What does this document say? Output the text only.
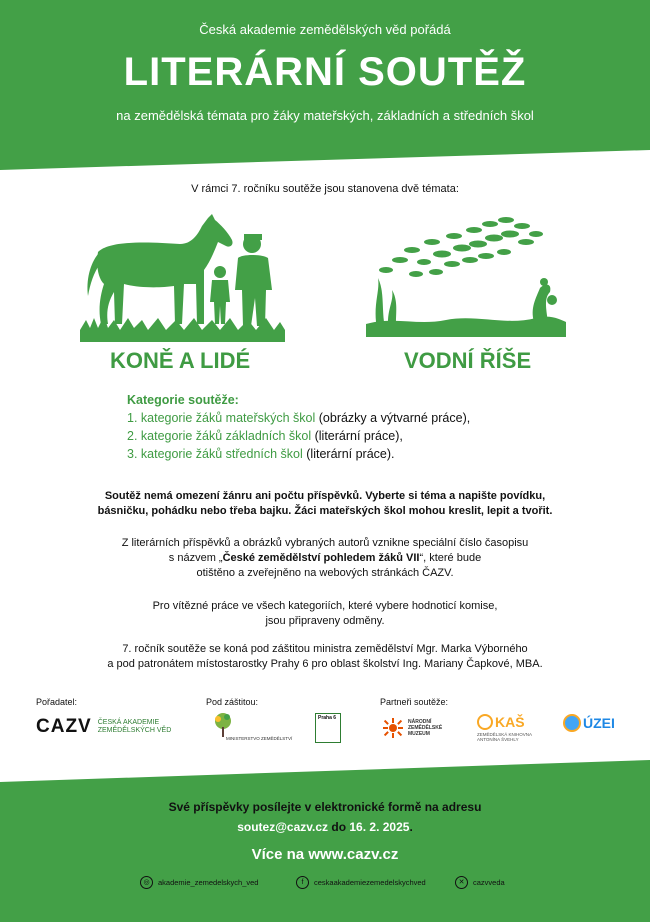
Česká akademie zemědělských věd pořádá
LITERÁRNÍ SOUTĚŽ
na zemědělská témata pro žáky mateřských, základních a středních škol
V rámci 7. ročníku soutěže jsou stanovena dvě témata:
KONĚ A LIDÉ	VODNÍ ŘÍŠE
Kategorie soutěže:
1. kategorie žáků mateřských škol (obrázky a výtvarné práce),
2. kategorie žáků základních škol (literární práce),
3. kategorie žáků středních škol (literární práce).
Soutěž nemá omezení žánru ani počtu příspěvků. Vyberte si téma a napište povídku,
básničku, pohádku nebo třeba bajku. Žáci mateřských škol mohou kreslit, lepit a tvořit.
Z literárních příspěvků a obrázků vybraných autorů vznikne speciální číslo časopisu
s názvem „České zemědělství pohledem žáků VII“, které bude
otištěno a zveřejněno na webových stránkách ČAZV.
Pro vítězné práce ve všech kategoriích, které vybere hodnoticí komise,
jsou připraveny odměny.
7. ročník soutěže se koná pod záštitou ministra zemědělství Mgr. Marka Výborného
a pod patronátem místostarostky Prahy 6 pro oblast školství Ing. Mariany Čapkové, MBA.
Pořadatel:
CAZV ČESKÁ AKADEMIE
ZEMĚDĚLSKÝCH VĚD
Pod záštitou:
MINISTERSTVO ZEMĚDĚLSTVÍ
Praha 6
Partneři soutěže:
NÁRODNÍ
ZEMĚDĚLSKÉ
MUZEUM
KAŠ
ZEMĚDĚLSKÁ KNIHOVNA ANTONÍNA ŠVEHLY
ÚZEI
Své příspěvky posílejte v elektronické formě na adresu
soutez@cazv.cz do 16. 2. 2025.
Více na www.cazv.cz
◎	akademie_zemedelskych_ved	f	ceskaakademiezemedelskychved	✕	cazvveda
